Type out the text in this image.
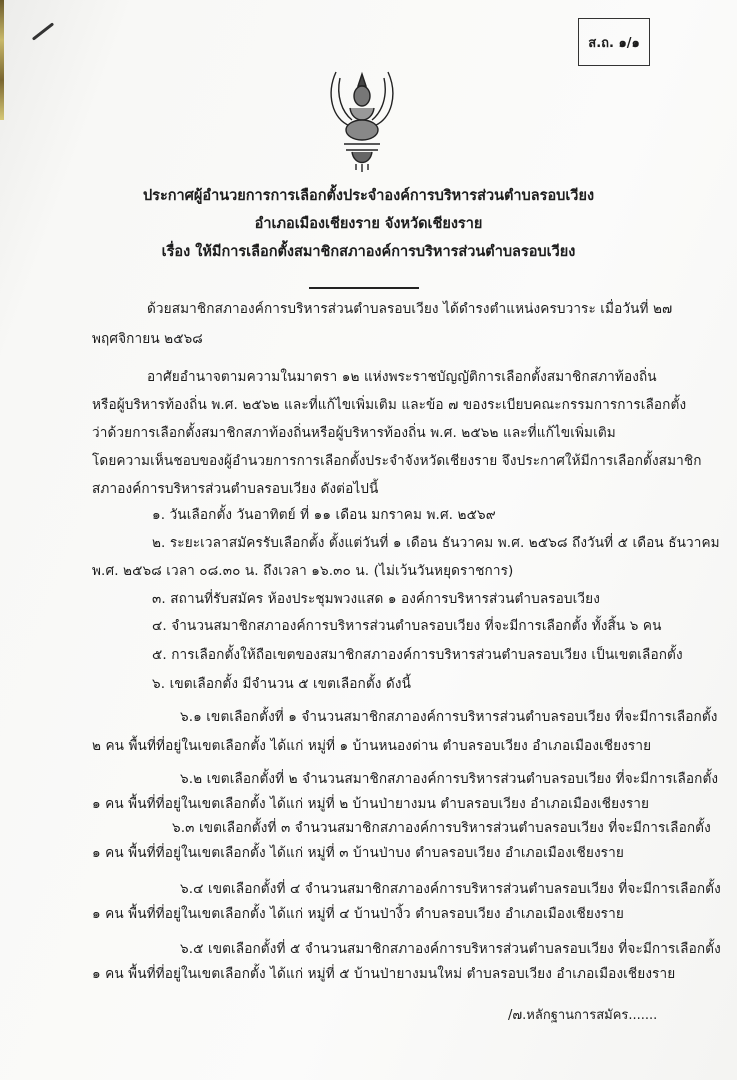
ส.ถ. ๑/๑
ประกาศผู้อำนวยการการเลือกตั้งประจำองค์การบริหารส่วนตำบลรอบเวียง
อำเภอเมืองเชียงราย จังหวัดเชียงราย
เรื่อง ให้มีการเลือกตั้งสมาชิกสภาองค์การบริหารส่วนตำบลรอบเวียง
ด้วยสมาชิกสภาองค์การบริหารส่วนตำบลรอบเวียง ได้ดำรงตำแหน่งครบวาระ เมื่อวันที่ ๒๗
พฤศจิกายน ๒๕๖๘
อาศัยอำนาจตามความในมาตรา ๑๒ แห่งพระราชบัญญัติการเลือกตั้งสมาชิกสภาท้องถิ่น
หรือผู้บริหารท้องถิ่น พ.ศ. ๒๕๖๒ และที่แก้ไขเพิ่มเติม และข้อ ๗ ของระเบียบคณะกรรมการการเลือกตั้ง
ว่าด้วยการเลือกตั้งสมาชิกสภาท้องถิ่นหรือผู้บริหารท้องถิ่น พ.ศ. ๒๕๖๒ และที่แก้ไขเพิ่มเติม
โดยความเห็นชอบของผู้อำนวยการการเลือกตั้งประจำจังหวัดเชียงราย จึงประกาศให้มีการเลือกตั้งสมาชิก
สภาองค์การบริหารส่วนตำบลรอบเวียง ดังต่อไปนี้
๑. วันเลือกตั้ง วันอาทิตย์ ที่ ๑๑ เดือน มกราคม พ.ศ. ๒๕๖๙
๒. ระยะเวลาสมัครรับเลือกตั้ง ตั้งแต่วันที่ ๑ เดือน ธันวาคม พ.ศ. ๒๕๖๘ ถึงวันที่ ๕ เดือน ธันวาคม
พ.ศ. ๒๕๖๘ เวลา ๐๘.๓๐ น. ถึงเวลา ๑๖.๓๐ น. (ไม่เว้นวันหยุดราชการ)
๓. สถานที่รับสมัคร ห้องประชุมพวงแสด ๑ องค์การบริหารส่วนตำบลรอบเวียง
๔. จำนวนสมาชิกสภาองค์การบริหารส่วนตำบลรอบเวียง ที่จะมีการเลือกตั้ง ทั้งสิ้น ๖ คน
๕. การเลือกตั้งให้ถือเขตของสมาชิกสภาองค์การบริหารส่วนตำบลรอบเวียง เป็นเขตเลือกตั้ง
๖. เขตเลือกตั้ง มีจำนวน ๕ เขตเลือกตั้ง ดังนี้
๖.๑ เขตเลือกตั้งที่ ๑ จำนวนสมาชิกสภาองค์การบริหารส่วนตำบลรอบเวียง ที่จะมีการเลือกตั้ง
๒ คน พื้นที่ที่อยู่ในเขตเลือกตั้ง ได้แก่ หมู่ที่ ๑ บ้านหนองด่าน ตำบลรอบเวียง อำเภอเมืองเชียงราย
๖.๒ เขตเลือกตั้งที่ ๒ จำนวนสมาชิกสภาองค์การบริหารส่วนตำบลรอบเวียง ที่จะมีการเลือกตั้ง
๑ คน พื้นที่ที่อยู่ในเขตเลือกตั้ง ได้แก่ หมู่ที่ ๒ บ้านป่ายางมน ตำบลรอบเวียง อำเภอเมืองเชียงราย
๖.๓ เขตเลือกตั้งที่ ๓ จำนวนสมาชิกสภาองค์การบริหารส่วนตำบลรอบเวียง ที่จะมีการเลือกตั้ง
๑ คน พื้นที่ที่อยู่ในเขตเลือกตั้ง ได้แก่ หมู่ที่ ๓ บ้านป่าบง ตำบลรอบเวียง อำเภอเมืองเชียงราย
๖.๔ เขตเลือกตั้งที่ ๔ จำนวนสมาชิกสภาองค์การบริหารส่วนตำบลรอบเวียง ที่จะมีการเลือกตั้ง
๑ คน พื้นที่ที่อยู่ในเขตเลือกตั้ง ได้แก่ หมู่ที่ ๔ บ้านป่างิ้ว ตำบลรอบเวียง อำเภอเมืองเชียงราย
๖.๕ เขตเลือกตั้งที่ ๕ จำนวนสมาชิกสภาองค์การบริหารส่วนตำบลรอบเวียง ที่จะมีการเลือกตั้ง
๑ คน พื้นที่ที่อยู่ในเขตเลือกตั้ง ได้แก่ หมู่ที่ ๕ บ้านป่ายางมนใหม่ ตำบลรอบเวียง อำเภอเมืองเชียงราย
/๗.หลักฐานการสมัคร.......
